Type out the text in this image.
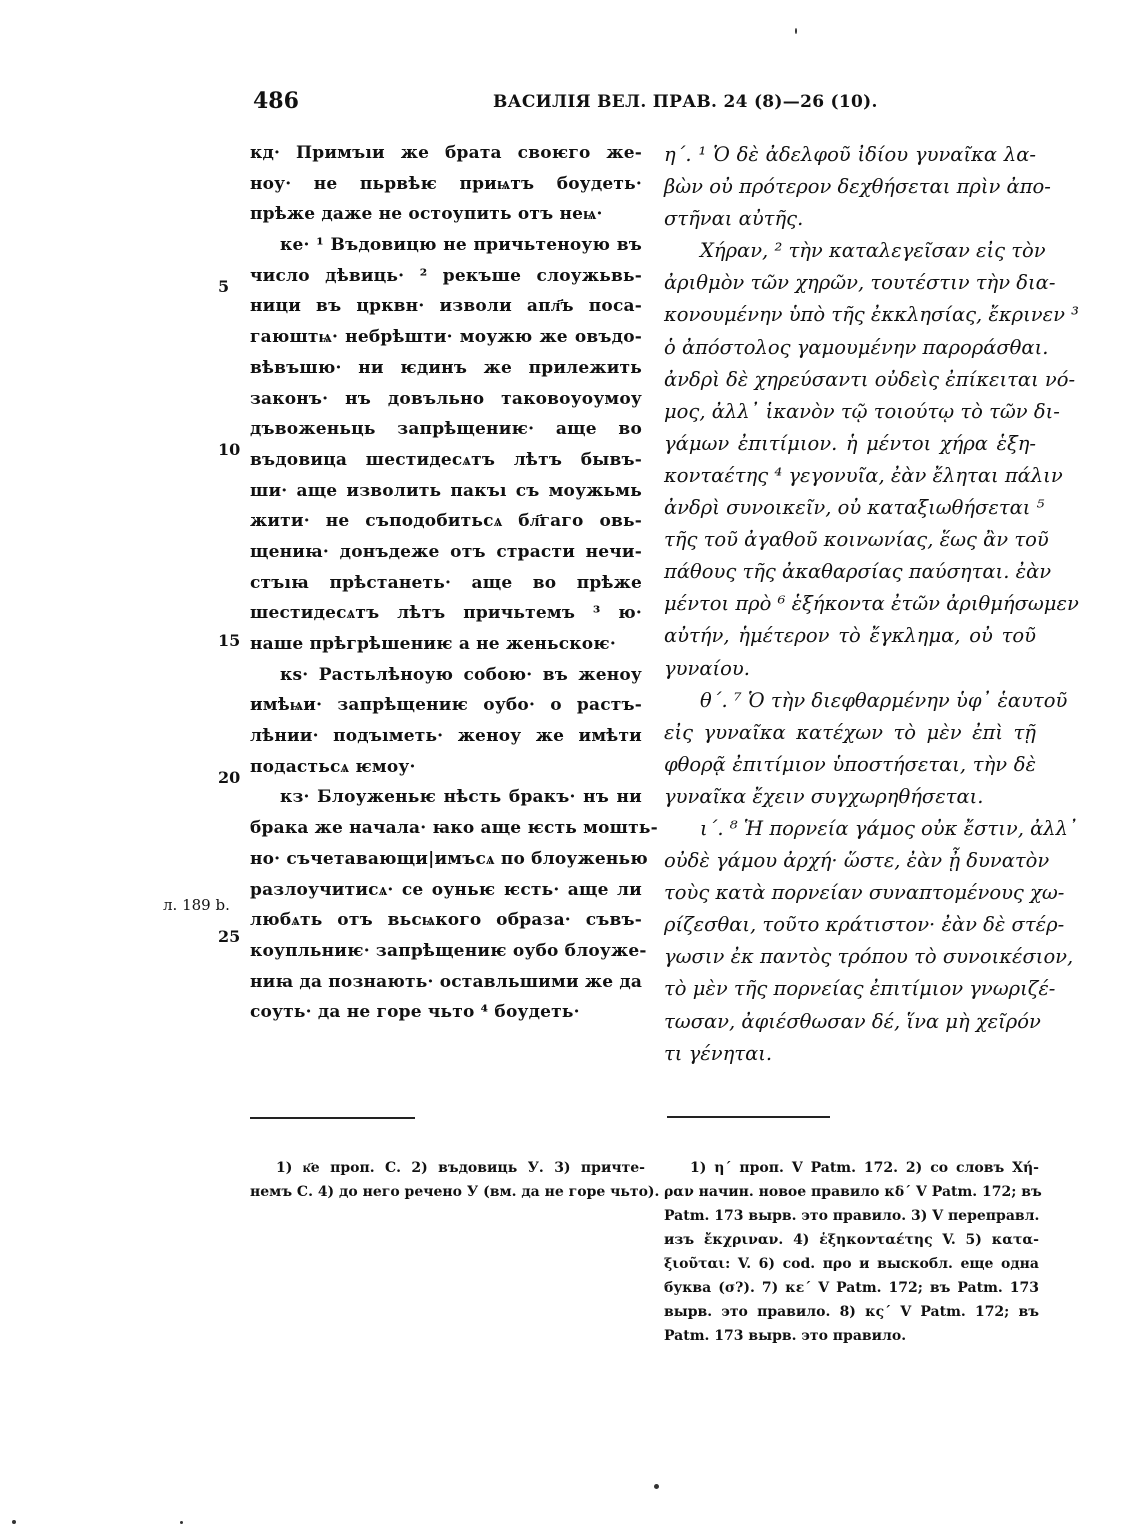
486	ВАСИЛІЯ ВЕЛ. ПРАВ. 24 (8)—26 (10).
кд· Примъıи же брата своѥго же-
ноу· не пьрвѣѥ приѩтъ боудеть·
прѣже даже не остоупить отъ неѩ·
ке· ¹ Въдовицю не причьтеноую въ
число дѣвиць· ² рекъше слоужьвь-
ници въ црквн· изволи апл҃ъ поса-
гаюштѩ· небрѣшти· моужю же овъдо-
вѣвъшю· ни ѥдинъ же прилежить
законъ· нъ довъльно таковоуоумоу
дъвоженьць запрѣщениѥ· аще во
въдовица шестидесѧтъ лѣтъ бывъ-
ши· аще изволить пакъı съ моужьмь
жити· не съподобитьсѧ бл҃гаго овь-
щениꙗ· донъдеже отъ страсти нечи-
стъıꙗ прѣстанеть· аще во прѣже
шестидесѧтъ лѣтъ причьтемъ ³ ю·
наше прѣгрѣшениѥ а не женьскоѥ·
кѕ· Растьлѣноую собою· въ женоу
имѣѩи· запрѣщениѥ оубо· о растъ-
лѣнии· подъıметь· женоу же имѣти
подастьсѧ ѥмоу·
кз· Блоуженьѥ нѣсть бракъ· нъ ни
брака же начала· ꙗко аще ѥсть мошть-
но· съчетавающи|имъсѧ по блоуженью
разлоучитисѧ· се оуньѥ ѥсть· аще ли
любѧть отъ вьсѩкого образа· съвъ-
коупльниѥ· запрѣщениѥ оубо блоуже-
ниꙗ да познають· оставльшими же да
соуть· да не горе чьто ⁴ боудеть·
5
10
15
20
25
л. 189 b.
η΄. ¹ Ὁ δὲ ἀδελφοῦ ἰδίου γυναῖκα λα-
βὼν οὐ πρότερον δεχθήσεται πρὶν ἀπο-
στῆναι αὐτῆς.
Χήραν, ² τὴν καταλεγεῖσαν εἰς τὸν
ἀριθμὸν τῶν χηρῶν, τουτέστιν τὴν δια-
κονουμένην ὑπὸ τῆς ἐκκλησίας, ἔκρινεν ³
ὁ ἀπόστολος γαμουμένην παροράσθαι.
ἀνδρὶ δὲ χηρεύσαντι οὐδεὶς ἐπίκειται νό-
μος, ἀλλ᾽ ἱκανὸν τῷ τοιούτῳ τὸ τῶν δι-
γάμων ἐπιτίμιον. ἡ μέντοι χήρα ἑξη-
κονταέτης ⁴ γεγονυῖα, ἐὰν ἔληται πάλιν
ἀνδρὶ συνοικεῖν, οὐ καταξιωθήσεται ⁵
τῆς τοῦ ἀγαθοῦ κοινωνίας, ἕως ἂν τοῦ
πάθους τῆς ἀκαθαρσίας παύσηται. ἐὰν
μέντοι πρὸ ⁶ ἑξήκοντα ἐτῶν ἀριθμήσωμεν
αὐτήν, ἡμέτερον τὸ ἔγκλημα, οὐ τοῦ
γυναίου.
θ΄. ⁷ Ὁ τὴν διεφθαρμένην ὑφ᾽ ἑαυτοῦ
εἰς γυναῖκα κατέχων τὸ μὲν ἐπὶ τῇ
φθορᾷ ἐπιτίμιον ὑποστήσεται, τὴν δὲ
γυναῖκα ἔχειν συγχωρηθήσεται.
ι΄. ⁸ Ἡ πορνεία γάμος οὐκ ἔστιν, ἀλλ᾽
οὐδὲ γάμου ἀρχή· ὥστε, ἐὰν ᾖ δυνατὸν
τοὺς κατὰ πορνείαν συναπτομένους χω-
ρίζεσθαι, τοῦτο κράτιστον· ἐὰν δὲ στέρ-
γωσιν ἐκ παντὸς τρόπου τὸ συνοικέσιον,
τὸ μὲν τῆς πορνείας ἐπιτίμιον γνωριζέ-
τωσαν, ἀφιέσθωσαν δέ, ἵνα μὴ χεῖρόν
τι γένηται.
1) к҃е проп. С. 2) въдовиць У. 3) причте-
немъ С. 4) до него речено У (вм. да не горе чьто).
1) η΄ проп. V Patm. 172. 2) со словъ Χή-
ραν начин. новое правило κδ΄ V Patm. 172; въ
Patm. 173 вырв. это правило. 3) V переправл.
изъ ἔκχριναν. 4) ἑξηκονταέτης V. 5) κατα-
ξιοῦται: V. 6) cod. προ и выскобл. еще одна
буква (σ?). 7) κε΄ V Patm. 172; въ Patm. 173
вырв. это правило. 8) κς΄ V Patm. 172; въ
Patm. 173 вырв. это правило.
